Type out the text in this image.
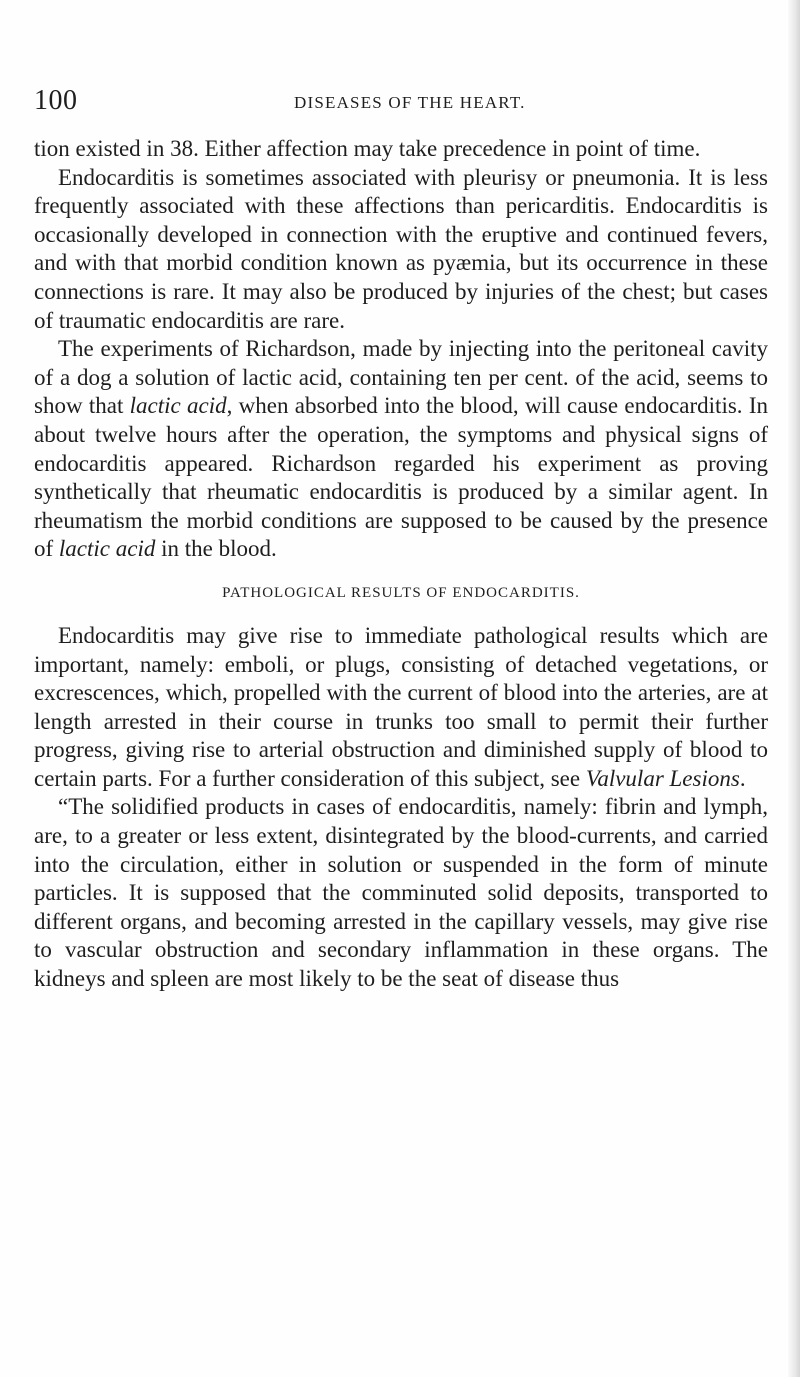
100	DISEASES OF THE HEART.

tion existed in 38. Either affection may take precedence in point of time.

Endocarditis is sometimes associated with pleurisy or pneumonia. It is less frequently associated with these affections than pericarditis. Endocarditis is occasionally developed in connection with the eruptive and continued fevers, and with that morbid condition known as pyæmia, but its occurrence in these connections is rare. It may also be produced by injuries of the chest; but cases of traumatic endocarditis are rare.

The experiments of Richardson, made by injecting into the peritoneal cavity of a dog a solution of lactic acid, containing ten per cent. of the acid, seems to show that lactic acid, when absorbed into the blood, will cause endocarditis. In about twelve hours after the operation, the symptoms and physical signs of endocarditis appeared. Richardson regarded his experiment as proving synthetically that rheumatic endocarditis is produced by a similar agent. In rheumatism the morbid conditions are supposed to be caused by the presence of lactic acid in the blood.

PATHOLOGICAL RESULTS OF ENDOCARDITIS.

Endocarditis may give rise to immediate pathological results which are important, namely: emboli, or plugs, consisting of detached vegetations, or excrescences, which, propelled with the current of blood into the arteries, are at length arrested in their course in trunks too small to permit their further progress, giving rise to arterial obstruction and diminished supply of blood to certain parts. For a further consideration of this subject, see Valvular Lesions.

“The solidified products in cases of endocarditis, namely: fibrin and lymph, are, to a greater or less extent, disintegrated by the blood-currents, and carried into the circulation, either in solution or suspended in the form of minute particles. It is supposed that the comminuted solid deposits, transported to different organs, and becoming arrested in the capillary vessels, may give rise to vascular obstruction and secondary inflammation in these organs. The kidneys and spleen are most likely to be the seat of disease thus
